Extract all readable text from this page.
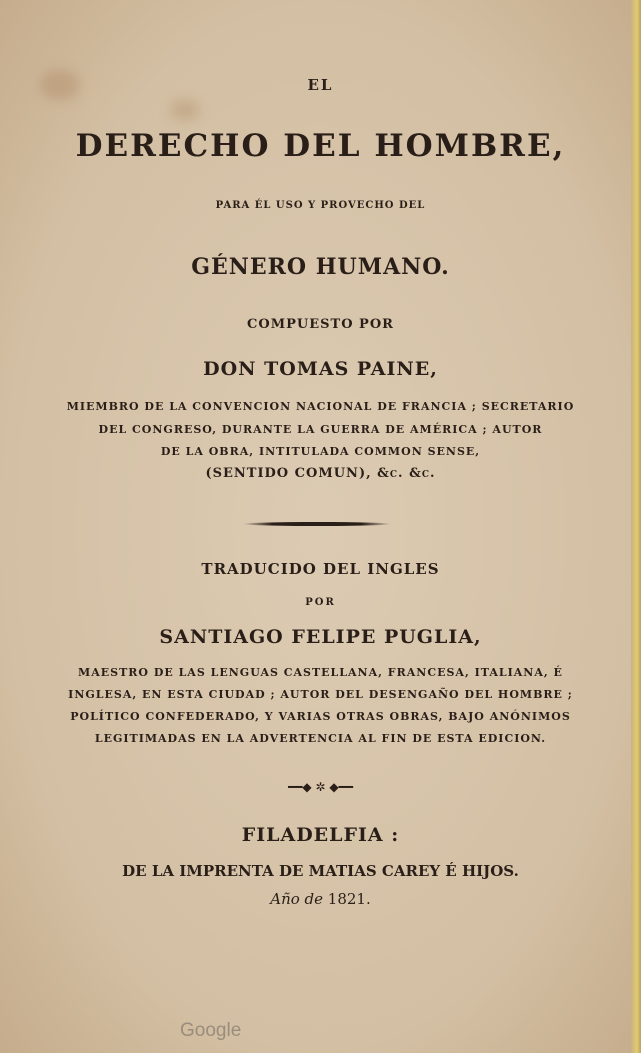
EL
DERECHO DEL HOMBRE,
PARA ÉL USO Y PROVECHO DEL
GÉNERO HUMANO.
COMPUESTO POR
DON TOMAS PAINE,
MIEMBRO DE LA CONVENCION NACIONAL DE FRANCIA ; SECRETARIO
DEL CONGRESO, DURANTE LA GUERRA DE AMÉRICA ; AUTOR
DE LA OBRA, INTITULADA COMMON SENSE,
(SENTIDO COMUN), &c. &c.
TRADUCIDO DEL INGLES
POR
SANTIAGO FELIPE PUGLIA,
MAESTRO DE LAS LENGUAS CASTELLANA, FRANCESA, ITALIANA, É
INGLESA, EN ESTA CIUDAD ; AUTOR DEL DESENGAÑO DEL HOMBRE ;
POLÍTICO CONFEDERADO, Y VARIAS OTRAS OBRAS, BAJO ANÓNIMOS
LEGITIMADAS EN LA ADVERTENCIA AL FIN DE ESTA EDICION.
━━◆ ✲ ◆━━
FILADELFIA :
DE LA IMPRENTA DE MATIAS CAREY É HIJOS.
Año de 1821.
Google
